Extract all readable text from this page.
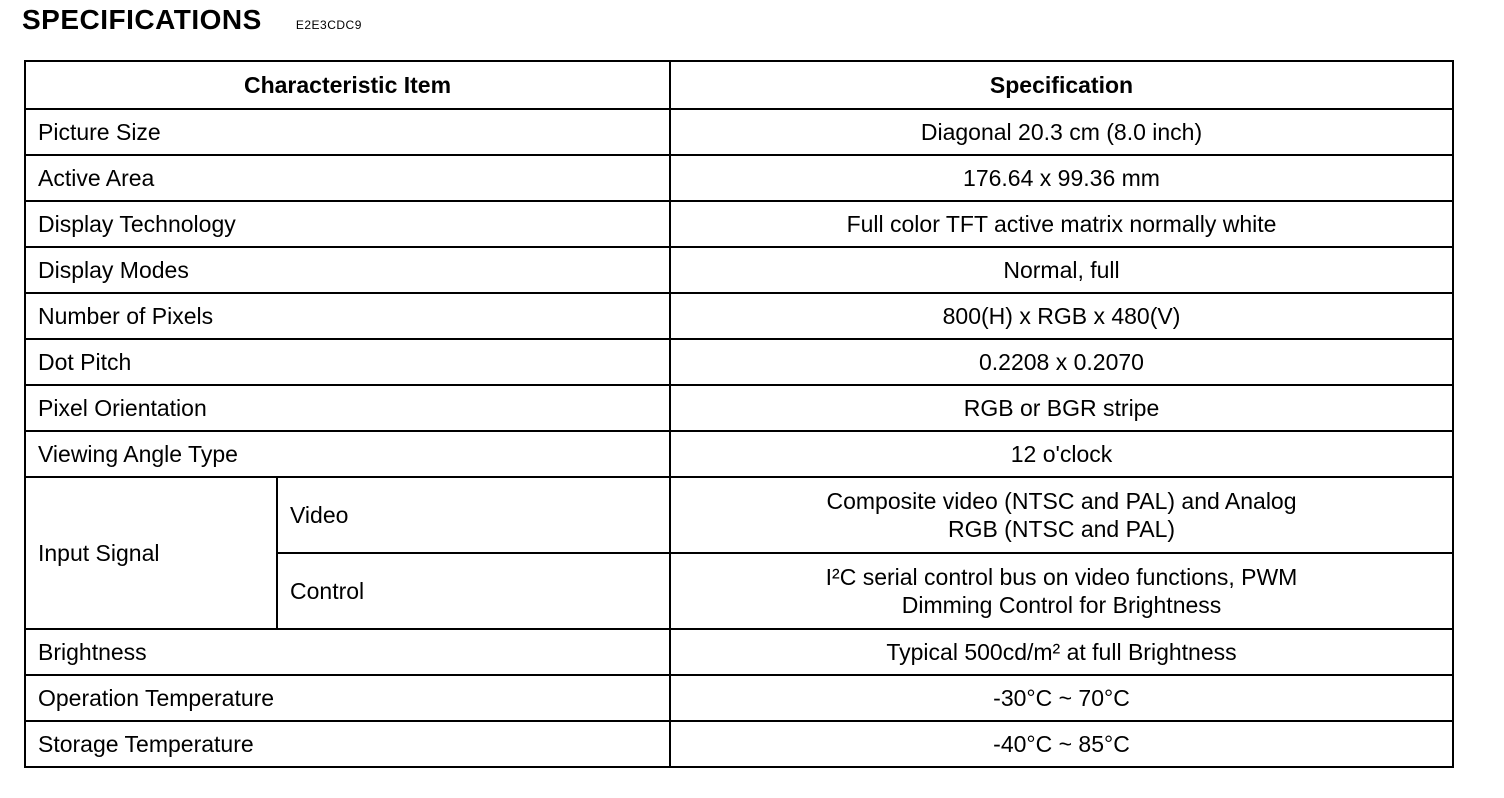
SPECIFICATIONS	E2E3CDC9
Characteristic Item		Specification
Picture Size		Diagonal 20.3 cm (8.0 inch)
Active Area		176.64 x 99.36 mm
Display Technology		Full color TFT active matrix normally white
Display Modes		Normal, full
Number of Pixels		800(H) x RGB x 480(V)
Dot Pitch		0.2208 x 0.2070
Pixel Orientation		RGB or BGR stripe
Viewing Angle Type		12 o'clock
Input Signal	Video	Composite video (NTSC and PAL) and Analog
RGB (NTSC and PAL)

	Control	I²C serial control bus on video functions, PWM
Dimming Control for Brightness

Brightness		Typical 500cd/m² at full Brightness
Operation Temperature		-30°C ~ 70°C
Storage Temperature		-40°C ~ 85°C
